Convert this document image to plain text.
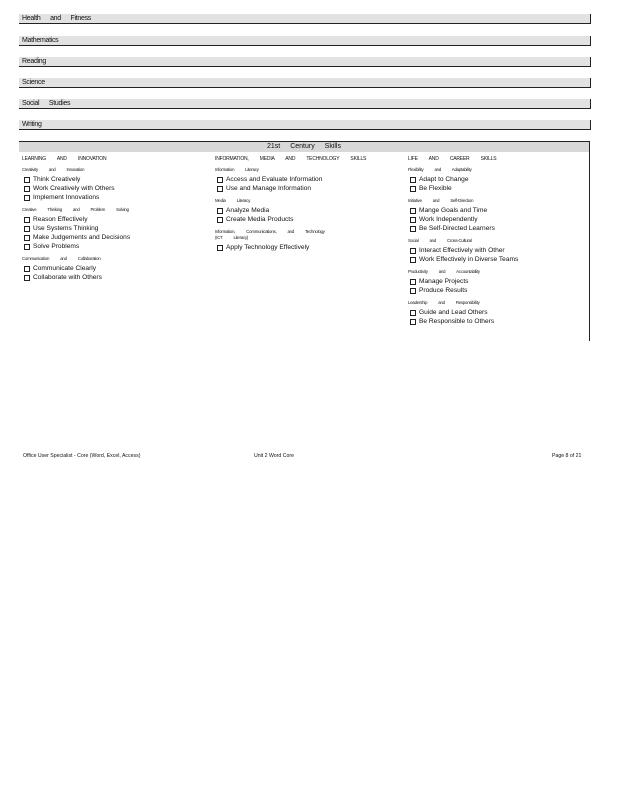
Health and Fitness
Mathematics
Reading
Science
Social Studies
Writing
21st Century Skills
LEARNING AND INNOVATION
Creativity and Innovation
Think Creatively
Work Creatively with Others
Implement Innovations
Creative Thinking and Problem Solving
Reason Effectively
Use Systems Thinking
Make Judgements and Decisions
Solve Problems
Communication and Collaboration
Communicate Clearly
Collaborate with Others
INFORMATION, MEDIA AND TECHNOLOGY SKILLS
Information Literacy
Access and Evaluate Information
Use and Manage Information
Media Literacy
Analyze Media
Create Media Products
Information, Communications, and Technology
(ICT Literacy)
Apply Technology Effectively
LIFE AND CAREER SKILLS
Flexibility and Adaptability
Adapt to Change
Be Flexible
Initiative and Self-Direction
Mange Goals and Time
Work Independently
Be Self-Directed Learners
Social and Cross-Cultural
Interact Effectively with Other
Work Effectively in Diverse Teams
Productivity and Accountability
Manage Projects
Produce Results
Leadership and Responsibility
Guide and Lead Others
Be Responsible to Others
Office User Specialist - Core (Word, Excel, Access)	Unit 2 Word Core	Page 8 of 21
